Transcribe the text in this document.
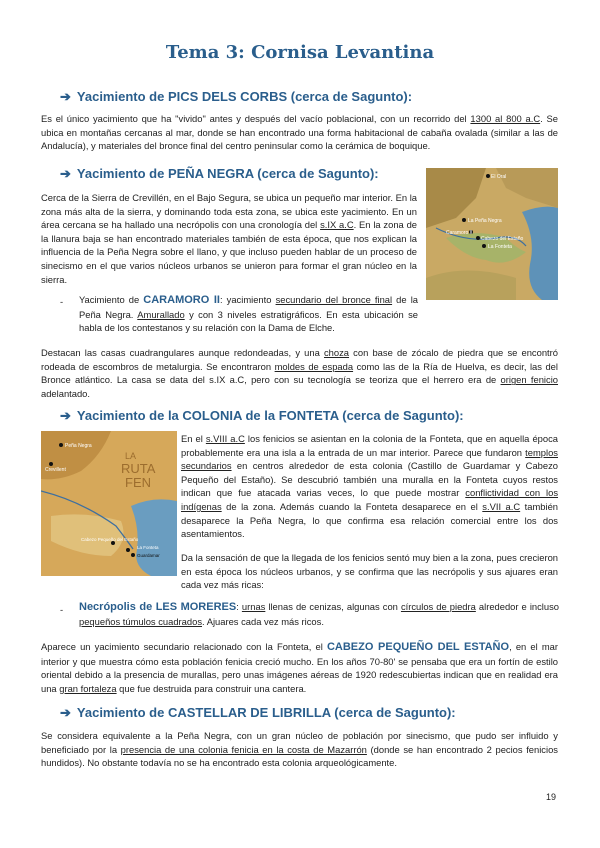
Tema 3: Cornisa Levantina
➔ Yacimiento de PICS DELS CORBS (cerca de Sagunto):
Es el único yacimiento que ha "vivido" antes y después del vacío poblacional, con un recorrido del 1300 al 800 a.C. Se ubica en montañas cercanas al mar, donde se han encontrado una forma habitacional de cabaña ovalada (similar a las de Andalucía), y materiales del bronce final del centro peninsular como la cerámica de boquique.
➔ Yacimiento de PEÑA NEGRA (cerca de Sagunto):
Cerca de la Sierra de Crevillén, en el Bajo Segura, se ubica un pequeño mar interior. En la zona más alta de la sierra, y dominando toda esta zona, se ubica este yacimiento. En un área cercana se ha hallado una necrópolis con una cronología del s.IX a.C. En la zona de la llanura baja se han encontrado materiales también de esta época, que nos explican la influencia de la Peña Negra sobre el llano, y que incluso pueden hablar de un proceso de sinecismo en el que varios núcleos urbanos se unieron para formar el gran núcleo en la sierra.
El Oral
La Peña Negra
Caramoro II
Cabezo del Estaño
La Fonteta
- Yacimiento de CARAMORO II: yacimiento secundario del bronce final de la Peña Negra. Amurallado y con 3 niveles estratigráficos. En esta ubicación se habla de los contestanos y su relación con la Dama de Elche.
Destacan las casas cuadrangulares aunque redondeadas, y una choza con base de zócalo de piedra que se encontró rodeada de escombros de metalurgia. Se encontraron moldes de espada como las de la Ría de Huelva, es decir, las del Bronce atlántico. La casa se data del s.IX a.C, pero con su tecnología se teoriza que el herrero era de origen fenicio adelantado.
➔ Yacimiento de la COLONIA de la FONTETA (cerca de Sagunto):
Peña Negra
Crevillent
LA
RUTA
FEN
Cabezo Pequeño del Estaño
La Fonteta
Guardamar
En el s.VIII a.C los fenicios se asientan en la colonia de la Fonteta, que en aquella época probablemente era una isla a la entrada de un mar interior. Parece que fundaron templos secundarios en centros alrededor de esta colonia (Castillo de Guardamar y Cabezo Pequeño del Estaño). Se descubrió también una muralla en la Fonteta cuyos restos indican que fue atacada varias veces, lo que puede mostrar conflictividad con los indígenas de la zona. Además cuando la Fonteta desaparece en el s.VII a.C también desaparece la Peña Negra, lo que confirma esa relación comercial entre los dos asentamientos.
Da la sensación de que la llegada de los fenicios sentó muy bien a la zona, pues crecieron en esta época los núcleos urbanos, y se confirma que las necrópolis y sus ajuares eran cada vez más ricas:
- Necrópolis de LES MORERES: urnas llenas de cenizas, algunas con círculos de piedra alrededor e incluso pequeños túmulos cuadrados. Ajuares cada vez más ricos.
Aparece un yacimiento secundario relacionado con la Fonteta, el CABEZO PEQUEÑO DEL ESTAÑO, en el mar interior y que muestra cómo esta población fenicia creció mucho. En los años 70-80' se pensaba que era un fortín de estilo oriental debido a la presencia de murallas, pero unas imágenes aéreas de 1920 redescubiertas indican que en realidad era una gran fortaleza que fue destruida para construir una cantera.
➔ Yacimiento de CASTELLAR DE LIBRILLA (cerca de Sagunto):
Se considera equivalente a la Peña Negra, con un gran núcleo de población por sinecismo, que pudo ser influido y beneficiado por la presencia de una colonia fenicia en la costa de Mazarrón (donde se han encontrado 2 pecios fenicios hundidos). No obstante todavía no se ha encontrado esta colonia arqueológicamente.
19
